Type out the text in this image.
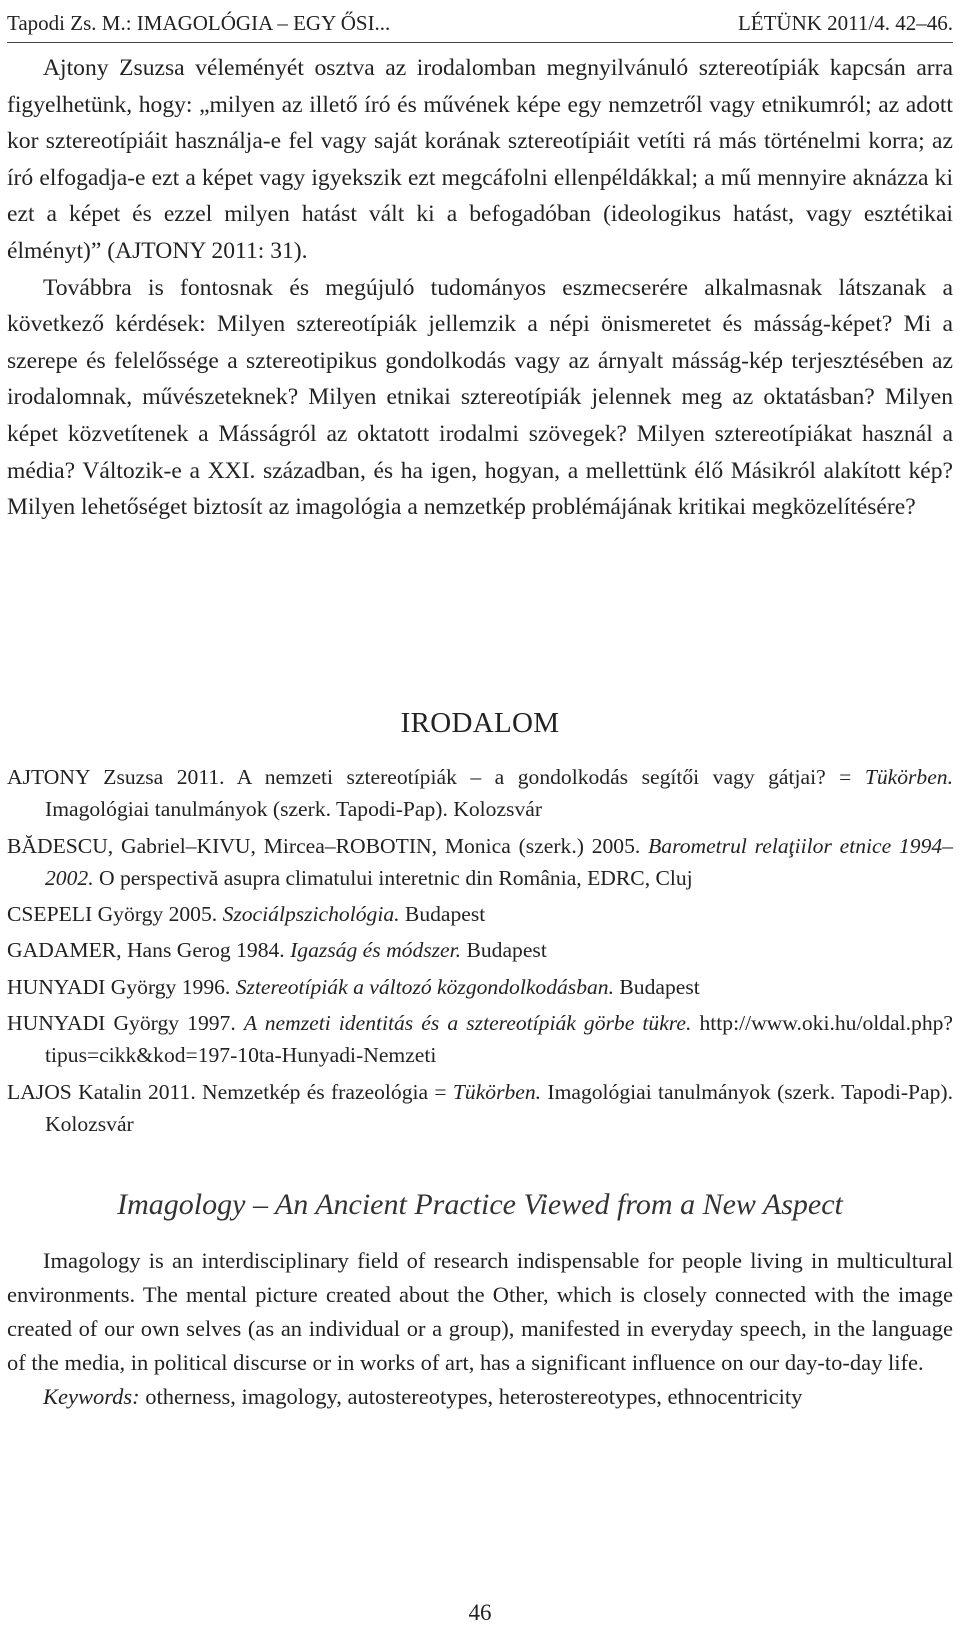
Tapodi Zs. M.: IMAGOLÓGIA – EGY ŐSI...	LÉTÜNK 2011/4. 42–46.

Ajtony Zsuzsa véleményét osztva az irodalomban megnyilvánuló sztereotípiák kapcsán arra figyelhetünk, hogy: „milyen az illető író és művének képe egy nemzetről vagy etnikumról; az adott kor sztereotípiáit használja-e fel vagy saját korának sztereotípiáit vetíti rá más történelmi korra; az író elfogadja-e ezt a képet vagy igyekszik ezt megcáfolni ellenpéldákkal; a mű mennyire aknázza ki ezt a képet és ezzel milyen hatást vált ki a befogadóban (ideologikus hatást, vagy esztétikai élményt)” (AJTONY 2011: 31).

Továbbra is fontosnak és megújuló tudományos eszmecserére alkalmasnak látszanak a következő kérdések: Milyen sztereotípiák jellemzik a népi önismeretet és másság-képet? Mi a szerepe és felelőssége a sztereotipikus gondolkodás vagy az árnyalt másság-kép terjesztésében az irodalomnak, művészeteknek? Milyen etnikai sztereotípiák jelennek meg az oktatásban? Milyen képet közvetítenek a Másságról az oktatott irodalmi szövegek? Milyen sztereotípiákat használ a média? Változik-e a XXI. században, és ha igen, hogyan, a mellettünk élő Másikról alakított kép? Milyen lehetőséget biztosít az imagológia a nemzetkép problémájának kritikai megközelítésére?

IRODALOM

AJTONY Zsuzsa 2011. A nemzeti sztereotípiák – a gondolkodás segítői vagy gátjai? = Tükörben. Imagológiai tanulmányok (szerk. Tapodi-Pap). Kolozsvár

BĂDESCU, Gabriel–KIVU, Mircea–ROBOTIN, Monica (szerk.) 2005. Barometrul relaţiilor etnice 1994–2002. O perspectivă asupra climatului interetnic din România, EDRC, Cluj

CSEPELI György 2005. Szociálpszichológia. Budapest

GADAMER, Hans Gerog 1984. Igazság és módszer. Budapest

HUNYADI György 1996. Sztereotípiák a változó közgondolkodásban. Budapest

HUNYADI György 1997. A nemzeti identitás és a sztereotípiák görbe tükre. http://www.oki.hu/oldal.php?tipus=cikk&kod=197-10ta-Hunyadi-Nemzeti

LAJOS Katalin 2011. Nemzetkép és frazeológia = Tükörben. Imagológiai tanulmányok (szerk. Tapodi-Pap). Kolozsvár

Imagology – An Ancient Practice Viewed from a New Aspect

Imagology is an interdisciplinary field of research indispensable for people living in multicultural environments. The mental picture created about the Other, which is closely connected with the image created of our own selves (as an individual or a group), manifested in everyday speech, in the language of the media, in political discurse or in works of art, has a significant influence on our day-to-day life.

Keywords: otherness, imagology, autostereotypes, heterostereotypes, ethnocentricity

46
